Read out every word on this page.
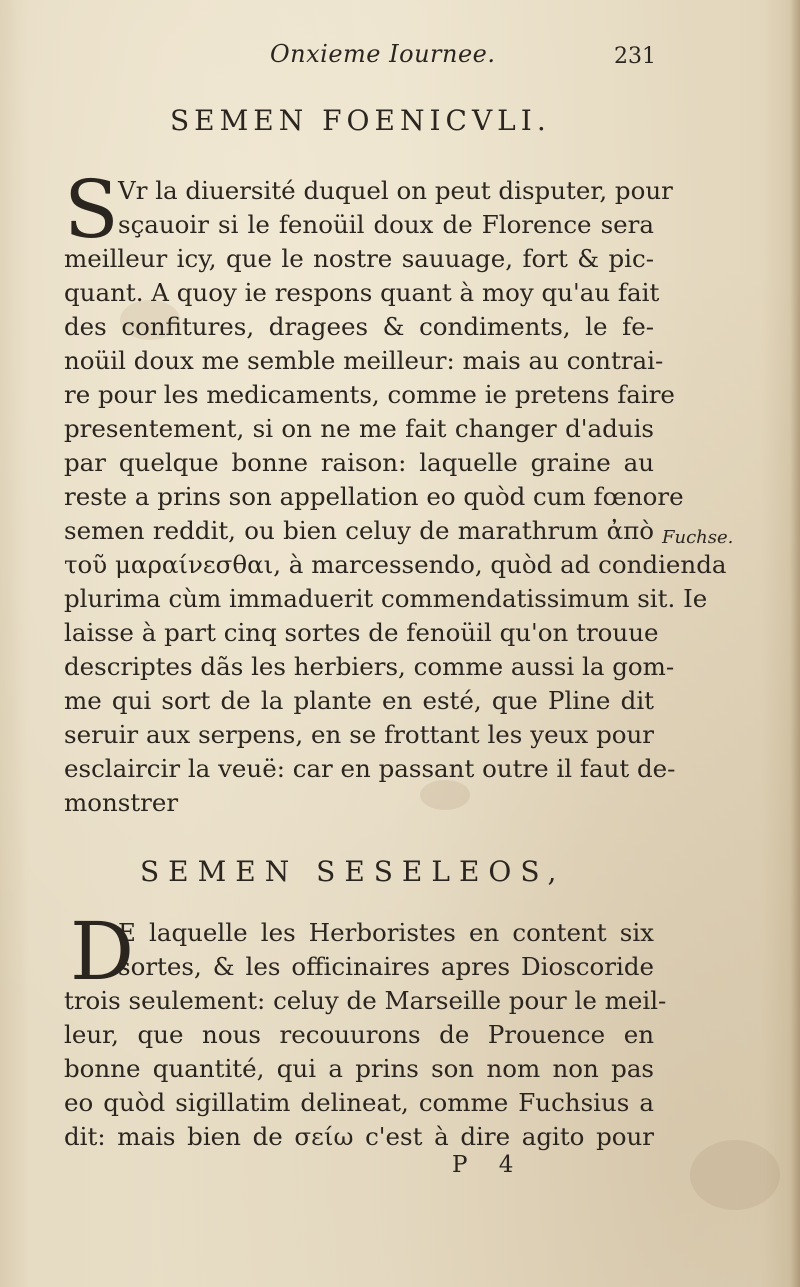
Onxieme Iournee.	231
SEMEN FOENICVLI.
S Vr la diuersité duquel on peut disputer, pour
sçauoir si le fenoüil doux de Florence sera
meilleur icy, que le nostre sauuage, fort & pic-
quant. A quoy ie respons quant à moy qu'au fait
des confitures, dragees & condiments, le fe-
noüil doux me semble meilleur: mais au contrai-
re pour les medicaments, comme ie pretens faire
presentement, si on ne me fait changer d'aduis
par quelque bonne raison: laquelle graine au
reste a prins son appellation eo quòd cum fœnore
semen reddit, ou bien celuy de marathrum ἀπὸ
τοῦ μαραίνεσθαι, à marcessendo, quòd ad condienda
plurima cùm immaduerit commendatissimum sit. Ie
laisse à part cinq sortes de fenoüil qu'on trouue
descriptes dãs les herbiers, comme aussi la gom-
me qui sort de la plante en esté, que Pline dit
seruir aux serpens, en se frottant les yeux pour
esclaircir la veuë: car en passant outre il faut de-
monstrer
Fuchse.
SEMEN SESELEOS,
D
E laquelle les Herboristes en content six
sortes, & les officinaires apres Dioscoride
trois seulement: celuy de Marseille pour le meil-
leur, que nous recouurons de Prouence en
bonne quantité, qui a prins son nom non pas
eo quòd sigillatim delineat, comme Fuchsius a
dit: mais bien de σείω c'est à dire agito pour
P 4
